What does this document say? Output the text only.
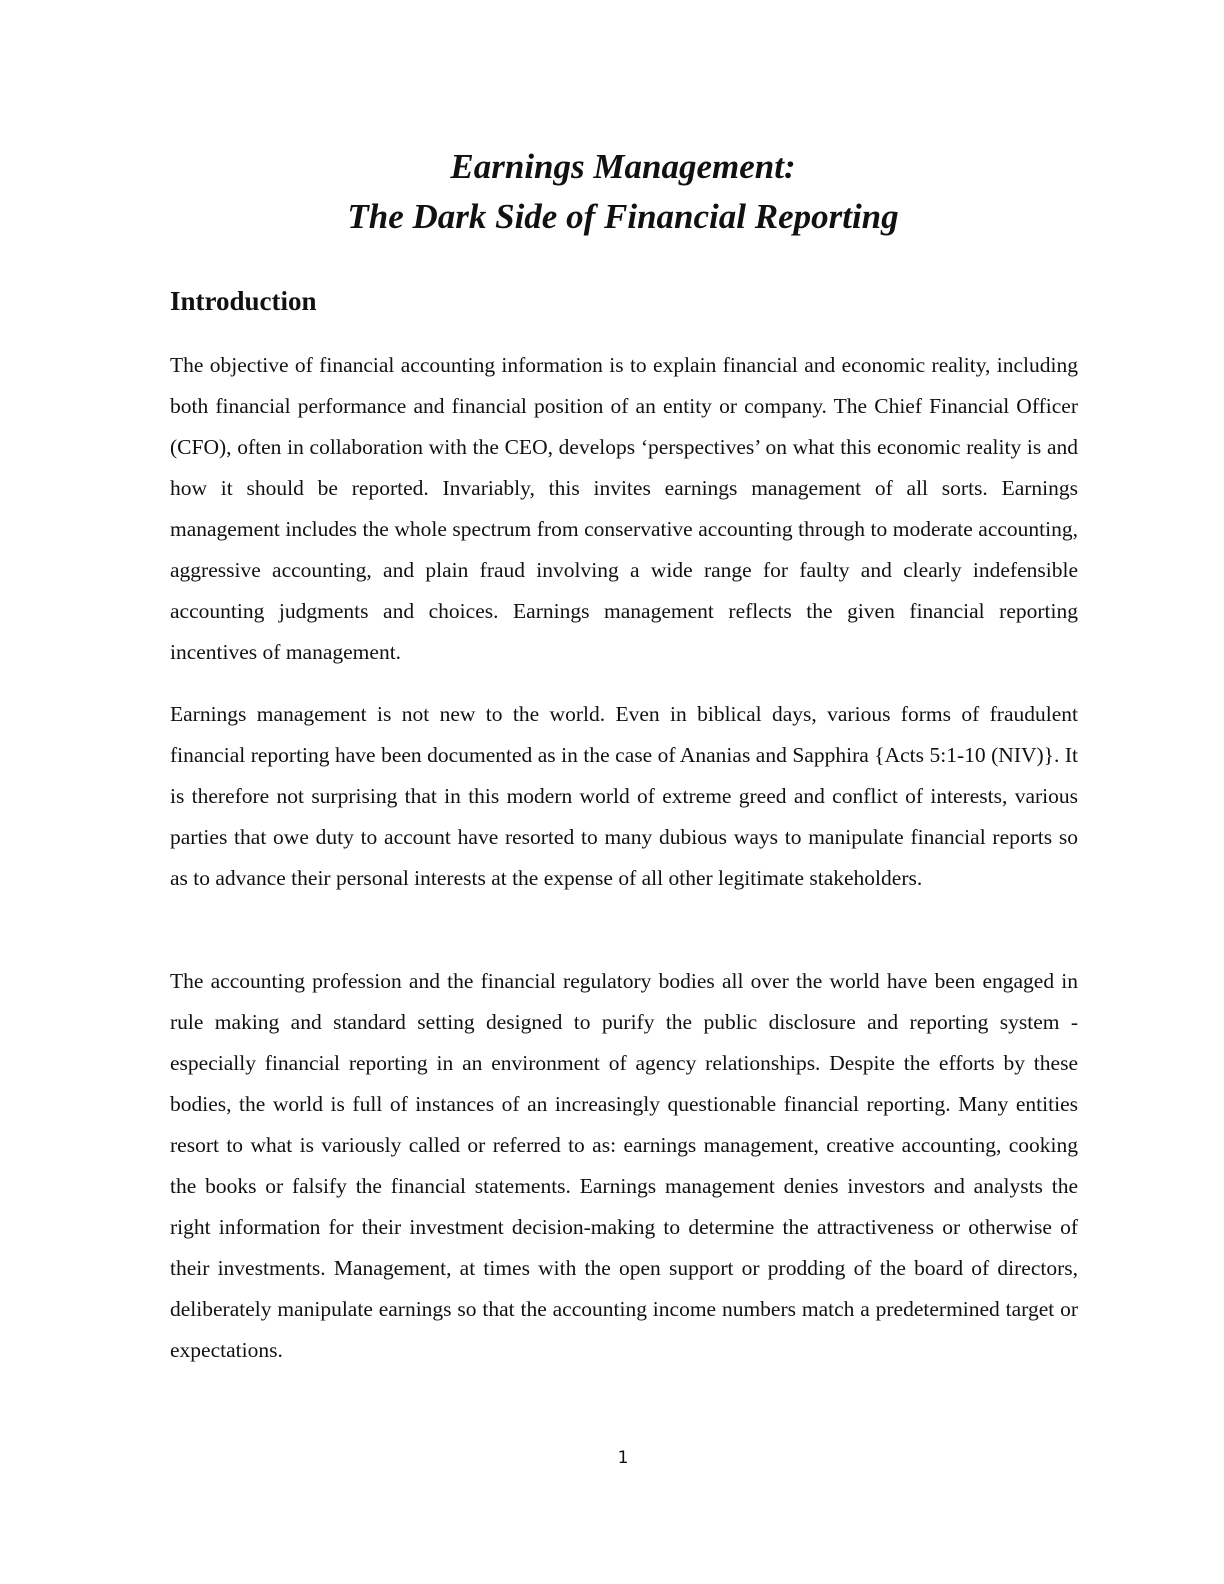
Earnings Management:

The Dark Side of Financial Reporting

Introduction

The objective of financial accounting information is to explain financial and economic reality, including both financial performance and financial position of an entity or company. The Chief Financial Officer (CFO), often in collaboration with the CEO, develops ‘perspectives’ on what this economic reality is and how it should be reported. Invariably, this invites earnings management of all sorts. Earnings management includes the whole spectrum from conservative accounting through to moderate accounting, aggressive accounting, and plain fraud involving a wide range for faulty and clearly indefensible accounting judgments and choices. Earnings management reflects the given financial reporting incentives of management.

Earnings management is not new to the world. Even in biblical days, various forms of fraudulent financial reporting have been documented as in the case of Ananias and Sapphira {Acts 5:1-10 (NIV)}. It is therefore not surprising that in this modern world of extreme greed and conflict of interests, various parties that owe duty to account have resorted to many dubious ways to manipulate financial reports so as to advance their personal interests at the expense of all other legitimate stakeholders.

The accounting profession and the financial regulatory bodies all over the world have been engaged in rule making and standard setting designed to purify the public disclosure and reporting system - especially financial reporting in an environment of agency relationships. Despite the efforts by these bodies, the world is full of instances of an increasingly questionable financial reporting. Many entities resort to what is variously called or referred to as: earnings management, creative accounting, cooking the books or falsify the financial statements. Earnings management denies investors and analysts the right information for their investment decision-making to determine the attractiveness or otherwise of their investments. Management, at times with the open support or prodding of the board of directors, deliberately manipulate earnings so that the accounting income numbers match a predetermined target or expectations.

1
